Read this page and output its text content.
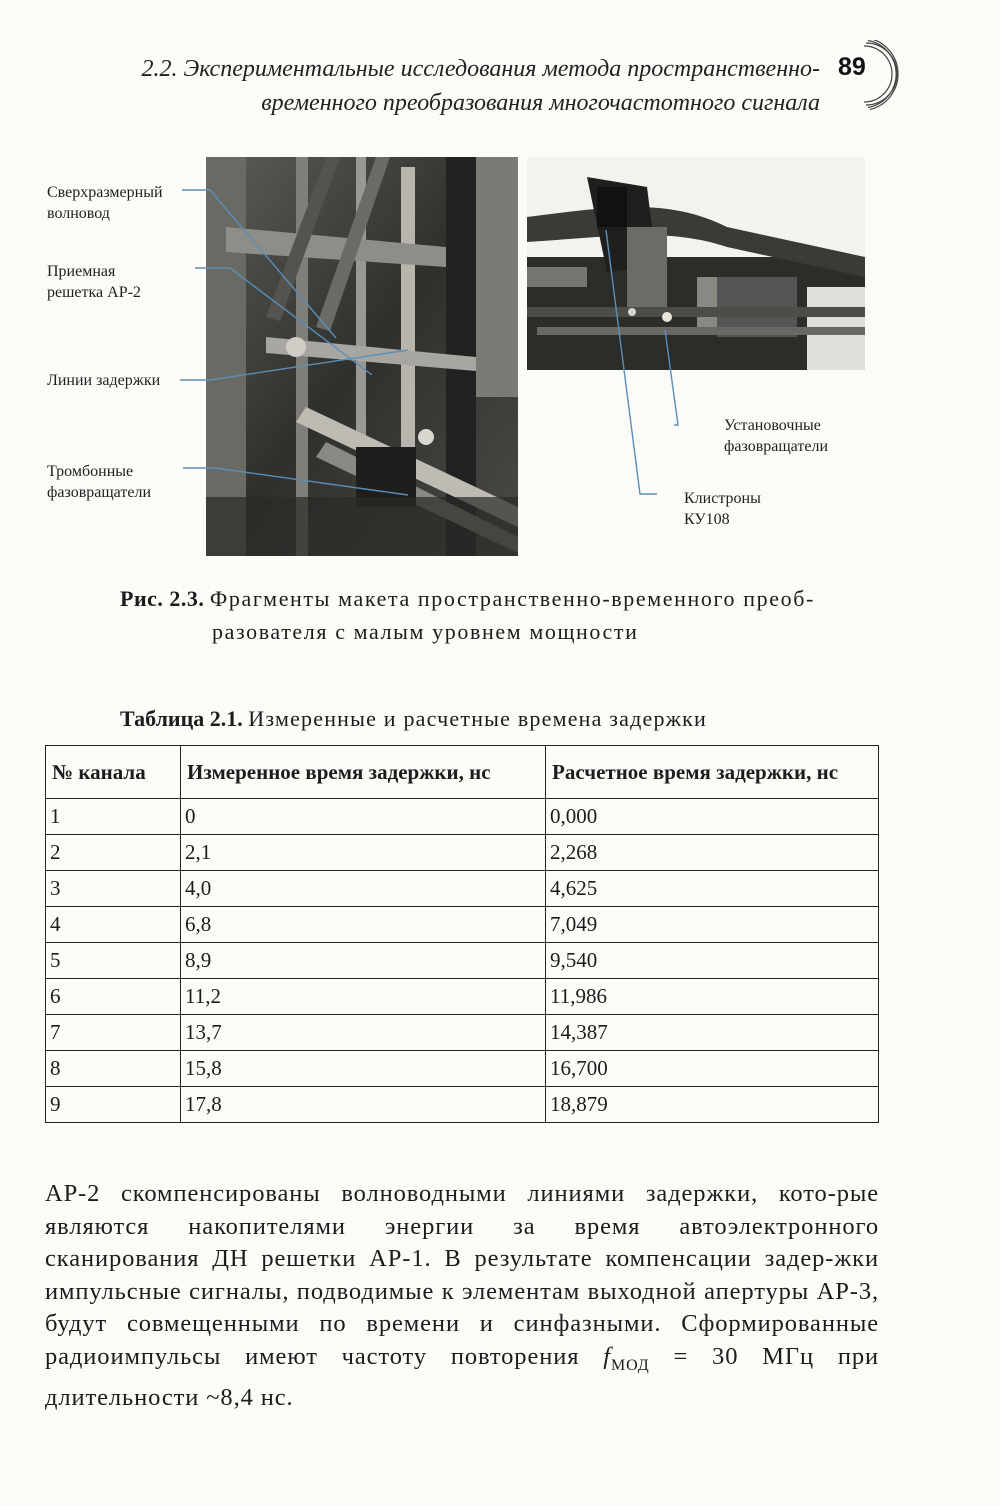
2.2. Экспериментальные исследования метода пространственно-
временного преобразования многочастотного сигнала
89
Сверхразмерный
волновод
Приемная
решетка АР-2
Линии задержки
Тромбонные
фазовращатели
Установочные
фазовращатели
Клистроны
КУ108
Рис. 2.3. Фрагменты макета пространственно-временного преоб-
разователя с малым уровнем мощности
Таблица 2.1. Измеренные и расчетные времена задержки
№ канала	Измеренное время задержки, нс	Расчетное время задержки, нс
1	0	0,000
2	2,1	2,268
3	4,0	4,625
4	6,8	7,049
5	8,9	9,540
6	11,2	11,986
7	13,7	14,387
8	15,8	16,700
9	17,8	18,879

АР-2 скомпенсированы волноводными линиями задержки, кото-рые являются накопителями энергии за время автоэлектронного сканирования ДН решетки АР-1. В результате компенсации задер-жки импульсные сигналы, подводимые к элементам выходной апертуры АР-3, будут совмещенными по времени и синфазными. Сформированные радиоимпульсы имеют частоту повторения $f_{МОД} = 30$ МГц при длительности ~8,4 нс.
